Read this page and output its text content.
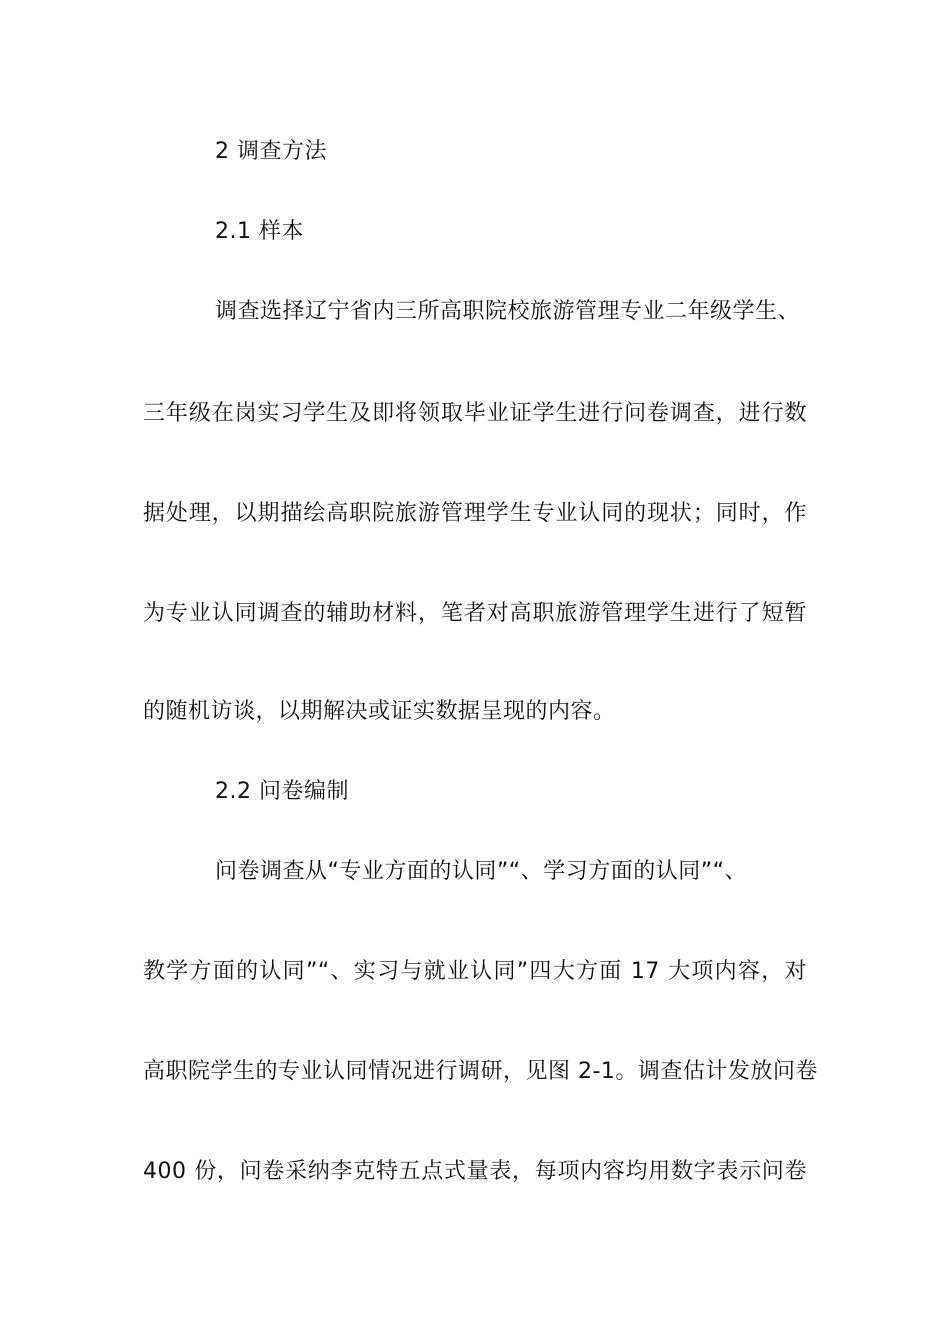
2 调查方法
2.1 样本
调查选择辽宁省内三所高职院校旅游管理专业二年级学生、
三年级在岗实习学生及即将领取毕业证学生进行问卷调查，进行数
据处理，以期描绘高职院旅游管理学生专业认同的现状；同时，作
为专业认同调查的辅助材料，笔者对高职旅游管理学生进行了短暂
的随机访谈，以期解决或证实数据呈现的内容。
2.2 问卷编制
问卷调查从“专业方面的认同”“、学习方面的认同”“、
教学方面的认同”“、实习与就业认同”四大方面 17 大项内容，对
高职院学生的专业认同情况进行调研，见图 2-1。调查估计发放问卷
400 份，问卷采纳李克特五点式量表，每项内容均用数字表示问卷
